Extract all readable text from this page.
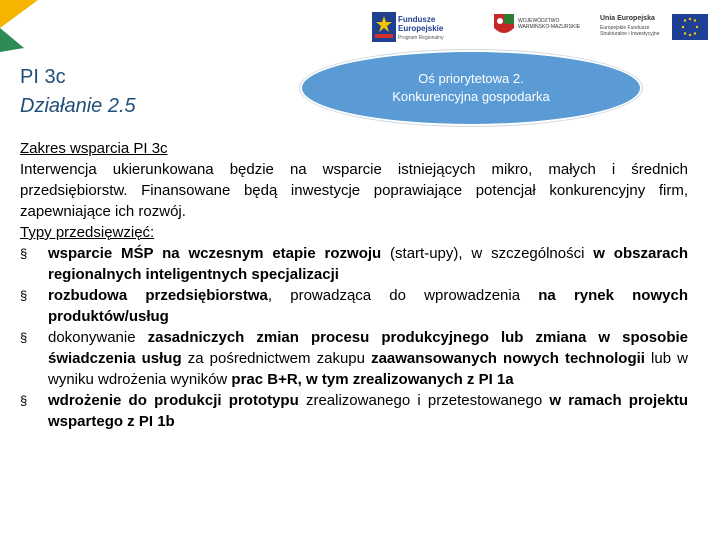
Fundusze
Europejskie
Program Regionalny
WOJEWÓDZTWO WARMIŃSKO-MAZURSKIE
Unia Europejska
Europejskie Fundusze Strukturalne i Inwestycyjne
PI 3c
Działanie 2.5
Oś priorytetowa 2.
Konkurencyjna gospodarka

Zakres wsparcia PI 3c

Interwencja ukierunkowana będzie na wsparcie istniejących mikro, małych i średnich przedsiębiorstw. Finansowane będą inwestycje poprawiające potencjał konkurencyjny firm, zapewniające ich rozwój.

Typy przedsięwzięć:

§ wsparcie MŚP na wczesnym etapie rozwoju (start-upy), w szczególności w obszarach regionalnych inteligentnych specjalizacji
§ rozbudowa przedsiębiorstwa, prowadząca do wprowadzenia na rynek nowych produktów/usług
§ dokonywanie zasadniczych zmian procesu produkcyjnego lub zmiana w sposobie świadczenia usług za pośrednictwem zakupu zaawansowanych nowych technologii lub w wyniku wdrożenia wyników prac B+R, w tym zrealizowanych z PI 1a
§ wdrożenie do produkcji prototypu zrealizowanego i przetestowanego w ramach projektu wspartego z PI 1b
